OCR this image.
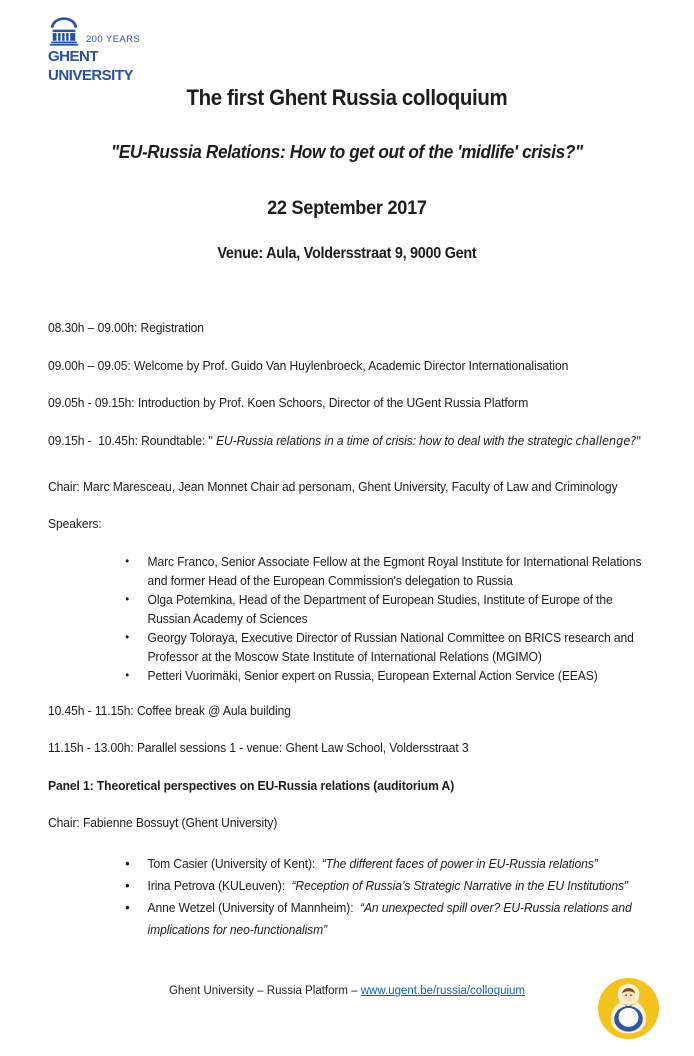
200 YEARS
GHENT
UNIVERSITY
The first Ghent Russia colloquium
"EU-Russia Relations: How to get out of the 'midlife' crisis?"
22 September 2017
Venue: Aula, Voldersstraat 9, 9000 Gent

08.30h – 09.00h: Registration

09.00h – 09.05: Welcome by Prof. Guido Van Huylenbroeck, Academic Director Internationalisation

09.05h - 09.15h: Introduction by Prof. Koen Schoors, Director of the UGent Russia Platform

09.15h -  10.45h: Roundtable: " EU-Russia relations in a time of crisis: how to deal with the strategic challenge?"

Chair: Marc Maresceau, Jean Monnet Chair ad personam, Ghent University, Faculty of Law and Criminology

Speakers:

•	Marc Franco, Senior Associate Fellow at the Egmont Royal Institute for International Relations and former Head of the European Commission's delegation to Russia
•	Olga Potemkina, Head of the Department of European Studies, Institute of Europe of the Russian Academy of Sciences
•	Georgy Toloraya, Executive Director of Russian National Committee on BRICS research and  Professor at the Moscow State Institute of International Relations (MGIMO)
•	Petteri Vuorimäki, Senior expert on Russia, European External Action Service (EEAS)

10.45h - 11.15h: Coffee break @ Aula building

11.15h - 13.00h: Parallel sessions 1 - venue: Ghent Law School, Voldersstraat 3

Panel 1: Theoretical perspectives on EU-Russia relations (auditorium A)

Chair: Fabienne Bossuyt (Ghent University)

•	Tom Casier (University of Kent):  “The different faces of power in EU-Russia relations”
•	Irina Petrova (KULeuven):  “Reception of Russia’s Strategic Narrative in the EU Institutions”
•	Anne Wetzel (University of Mannheim):  “An unexpected spill over? EU-Russia relations and implications for neo-functionalism”
Ghent University – Russia Platform – www.ugent.be/russia/colloquium
